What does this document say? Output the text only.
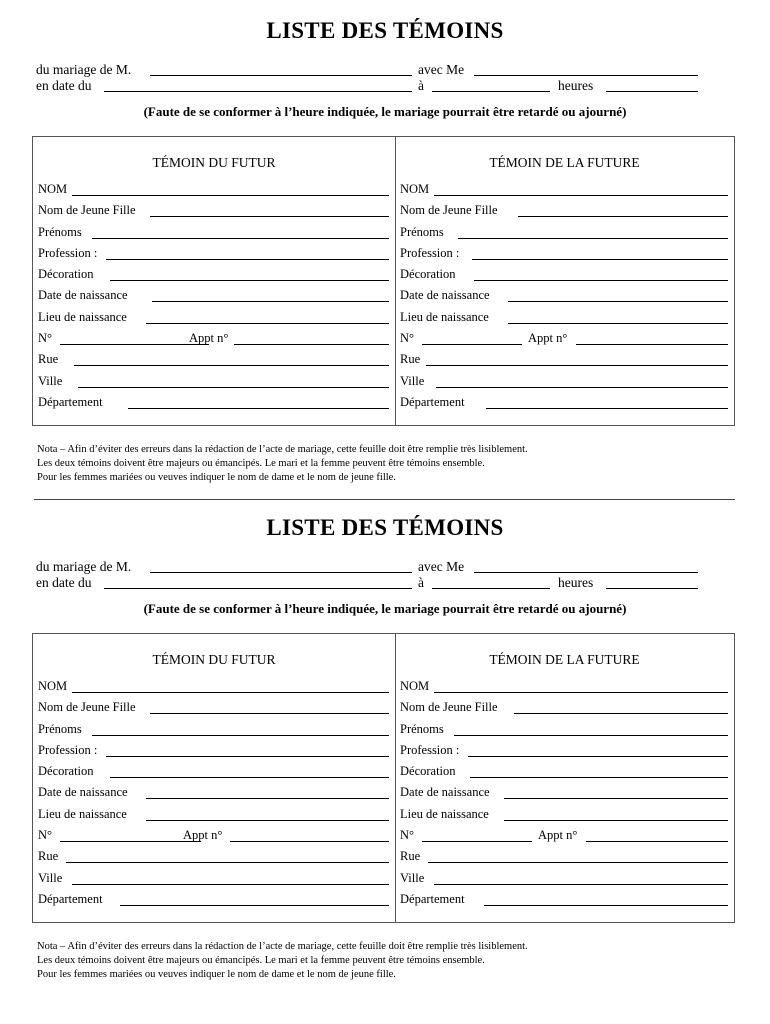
LISTE DES TÉMOINS
du mariage de M.	avec Me
en date du	à	heures
(Faute de se conformer à l’heure indiquée, le mariage pourrait être retardé ou ajourné)
TÉMOIN DU FUTUR
NOM
Nom de Jeune Fille
Prénoms
Profession :
Décoration
Date de naissance
Lieu de naissance
N°	Appt n°
Rue
Ville
Département
TÉMOIN DE LA FUTURE
NOM
Nom de Jeune Fille
Prénoms
Profession :
Décoration
Date de naissance
Lieu de naissance
N°	Appt n°
Rue
Ville
Département
Nota – Afin d’éviter des erreurs dans la rédaction de l’acte de mariage, cette feuille doit être remplie très lisiblement.
Les deux témoins doivent être majeurs ou émancipés. Le mari et la femme peuvent être témoins ensemble.
Pour les femmes mariées ou veuves indiquer le nom de dame et le nom de jeune fille.
LISTE DES TÉMOINS
du mariage de M.	avec Me
en date du	à	heures
(Faute de se conformer à l’heure indiquée, le mariage pourrait être retardé ou ajourné)
TÉMOIN DU FUTUR
NOM
Nom de Jeune Fille
Prénoms
Profession :
Décoration
Date de naissance
Lieu de naissance
N°	Appt n°
Rue
Ville
Département
TÉMOIN DE LA FUTURE
NOM
Nom de Jeune Fille
Prénoms
Profession :
Décoration
Date de naissance
Lieu de naissance
N°	Appt n°
Rue
Ville
Département
Nota – Afin d’éviter des erreurs dans la rédaction de l’acte de mariage, cette feuille doit être remplie très lisiblement.
Les deux témoins doivent être majeurs ou émancipés. Le mari et la femme peuvent être témoins ensemble.
Pour les femmes mariées ou veuves indiquer le nom de dame et le nom de jeune fille.
